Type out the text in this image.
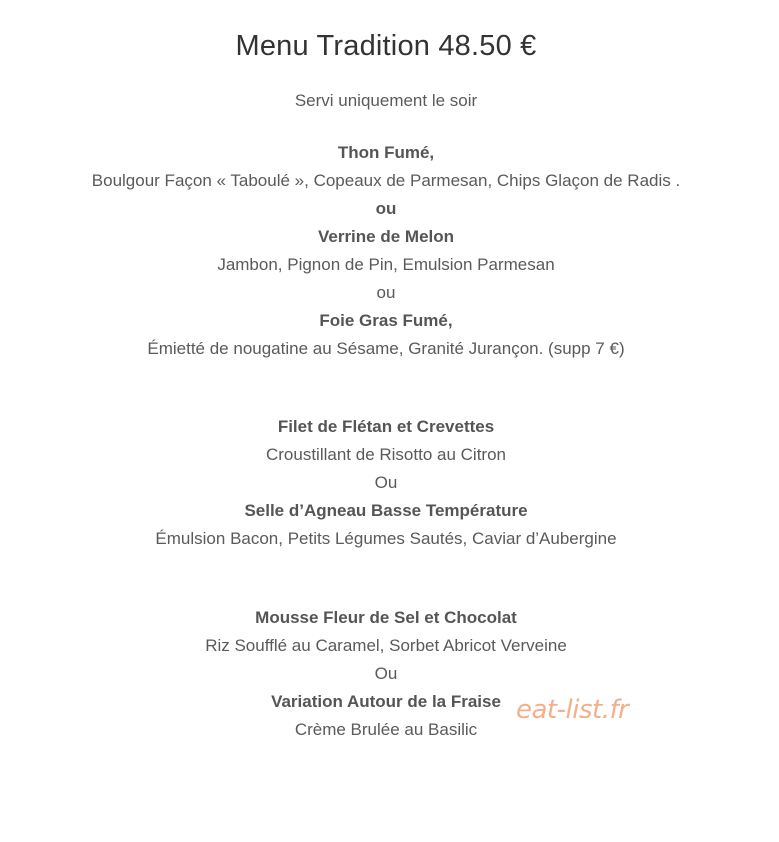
Menu Tradition 48.50 €
Servi uniquement le soir
Thon Fumé,
Boulgour Façon « Taboulé », Copeaux de Parmesan, Chips Glaçon de Radis .
ou
Verrine de Melon
Jambon, Pignon de Pin, Emulsion Parmesan
ou
Foie Gras Fumé,
Émietté de nougatine au Sésame, Granité Jurançon. (supp 7 €)
Filet de Flétan et Crevettes
Croustillant de Risotto au Citron
Ou
Selle d’Agneau Basse Température
Émulsion Bacon, Petits Légumes Sautés, Caviar d’Aubergine
Mousse Fleur de Sel et Chocolat
Riz Soufflé au Caramel, Sorbet Abricot Verveine
Ou
Variation Autour de la Fraise
Crème Brulée au Basilic
eat-list.fr
